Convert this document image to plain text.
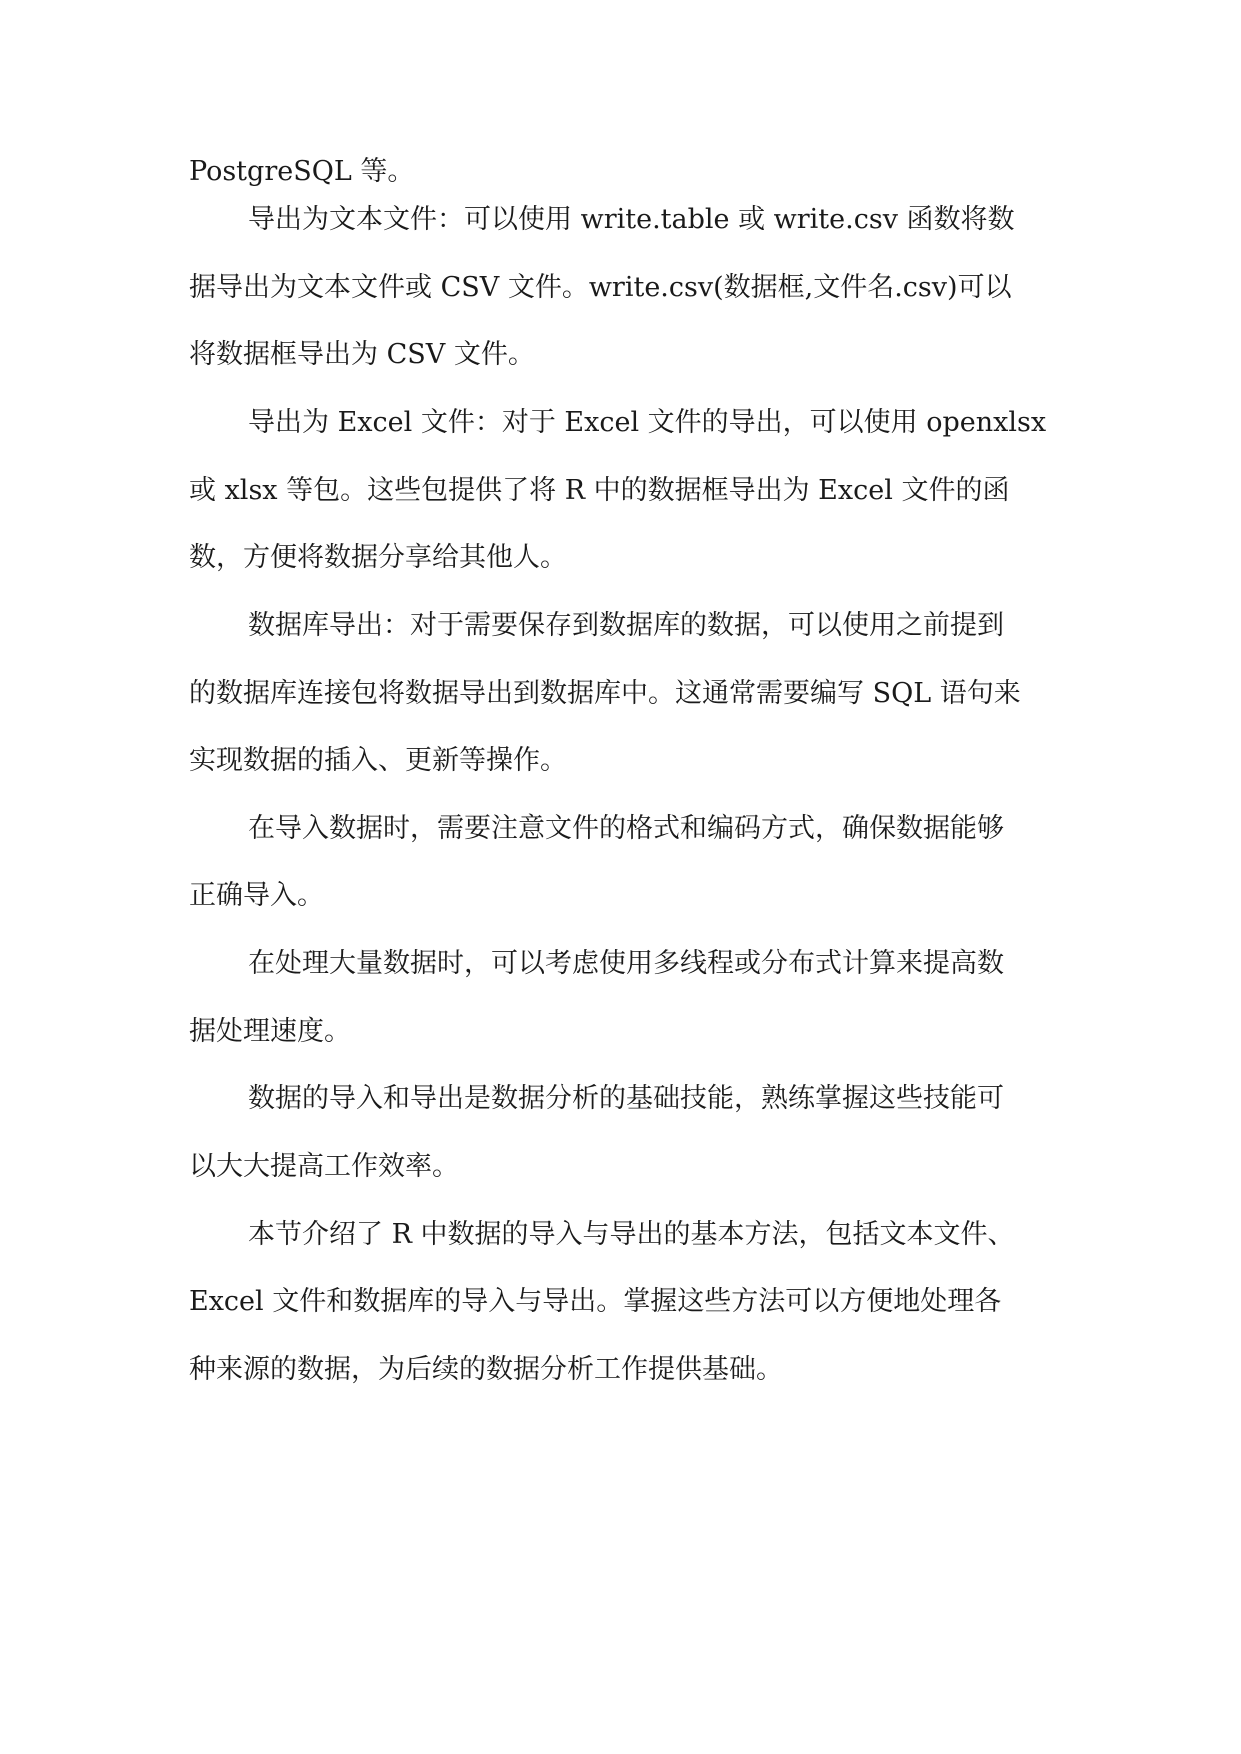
PostgreSQL 等。

导出为文本文件：可以使用 write.table 或 write.csv 函数将数

据导出为文本文件或 CSV 文件。write.csv(数据框,文件名.csv)可以

将数据框导出为 CSV 文件。

导出为 Excel 文件：对于 Excel 文件的导出，可以使用 openxlsx

或 xlsx 等包。这些包提供了将 R 中的数据框导出为 Excel 文件的函

数，方便将数据分享给其他人。

数据库导出：对于需要保存到数据库的数据，可以使用之前提到

的数据库连接包将数据导出到数据库中。这通常需要编写 SQL 语句来

实现数据的插入、更新等操作。

在导入数据时，需要注意文件的格式和编码方式，确保数据能够

正确导入。

在处理大量数据时，可以考虑使用多线程或分布式计算来提高数

据处理速度。

数据的导入和导出是数据分析的基础技能，熟练掌握这些技能可

以大大提高工作效率。

本节介绍了 R 中数据的导入与导出的基本方法，包括文本文件、

Excel 文件和数据库的导入与导出。掌握这些方法可以方便地处理各

种来源的数据，为后续的数据分析工作提供基础。
